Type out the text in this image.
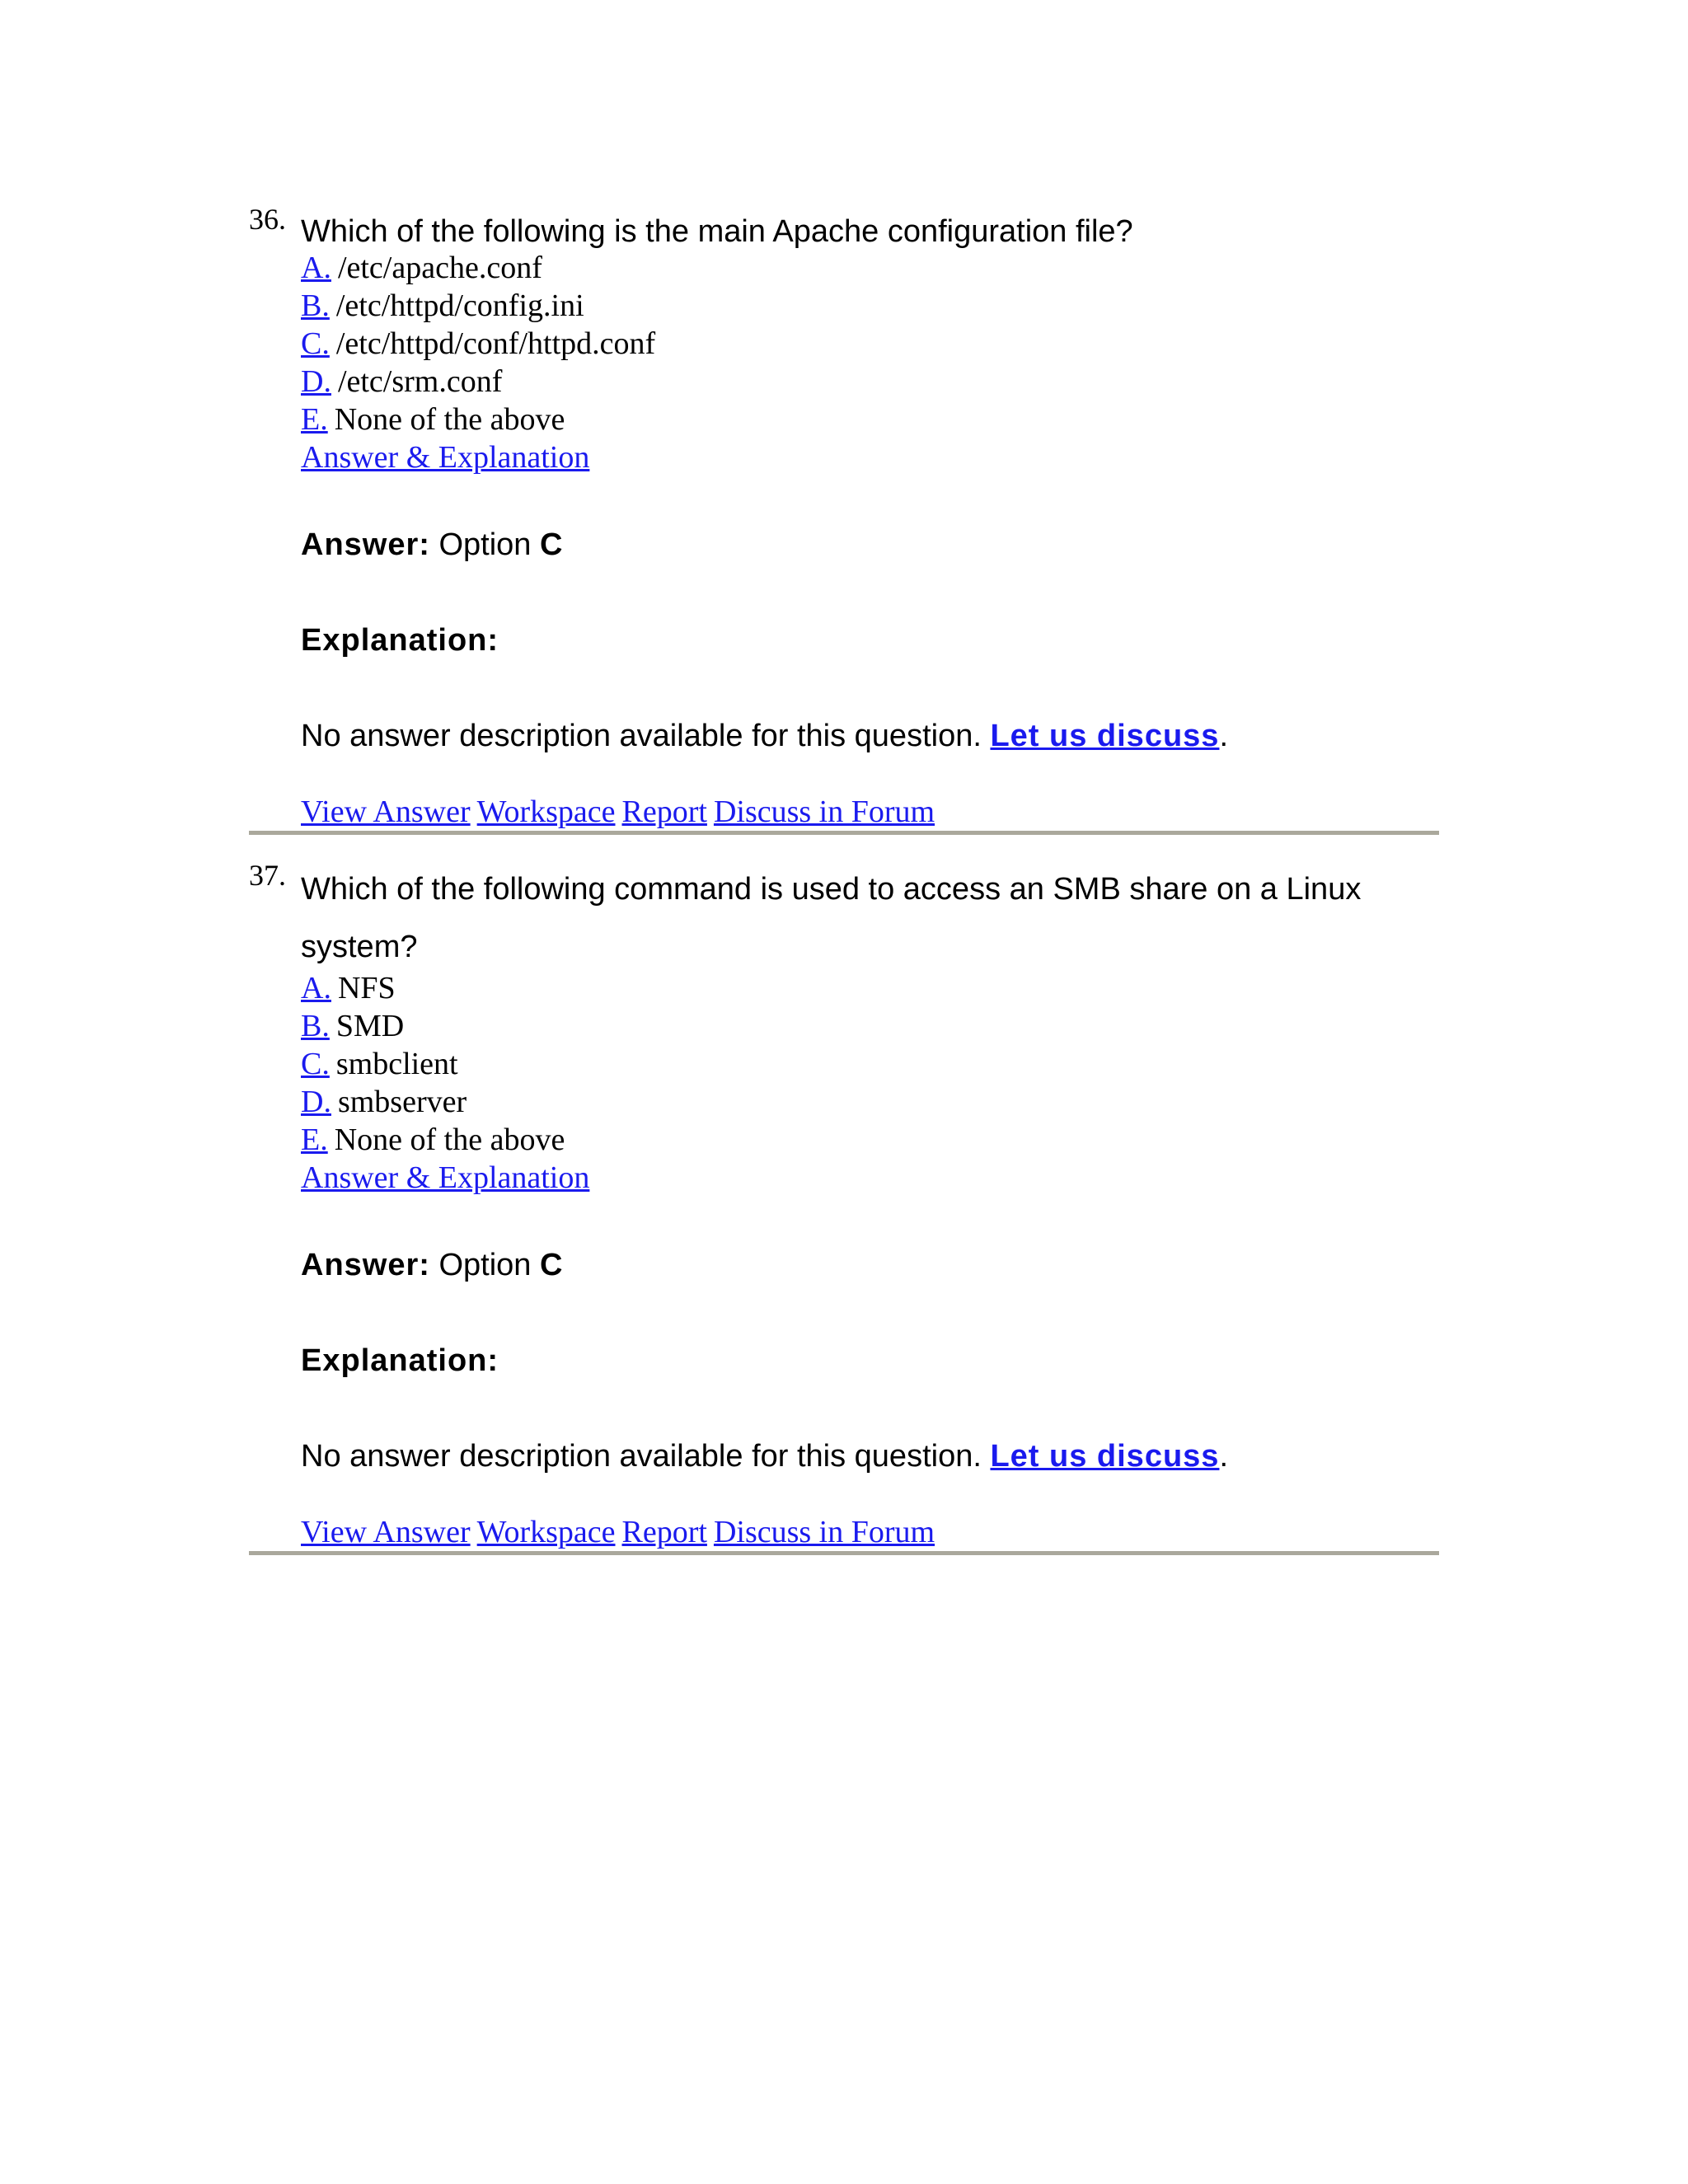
36. Which of the following is the main Apache configuration file?
A. /etc/apache.conf
B. /etc/httpd/config.ini
C. /etc/httpd/conf/httpd.conf
D. /etc/srm.conf
E. None of the above
Answer & Explanation
Answer: Option C
Explanation:
No answer description available for this question. Let us discuss.
View Answer Workspace Report Discuss in Forum
37. Which of the following command is used to access an SMB share on a Linux system?
A. NFS
B. SMD
C. smbclient
D. smbserver
E. None of the above
Answer & Explanation
Answer: Option C
Explanation:
No answer description available for this question. Let us discuss.
View Answer Workspace Report Discuss in Forum
